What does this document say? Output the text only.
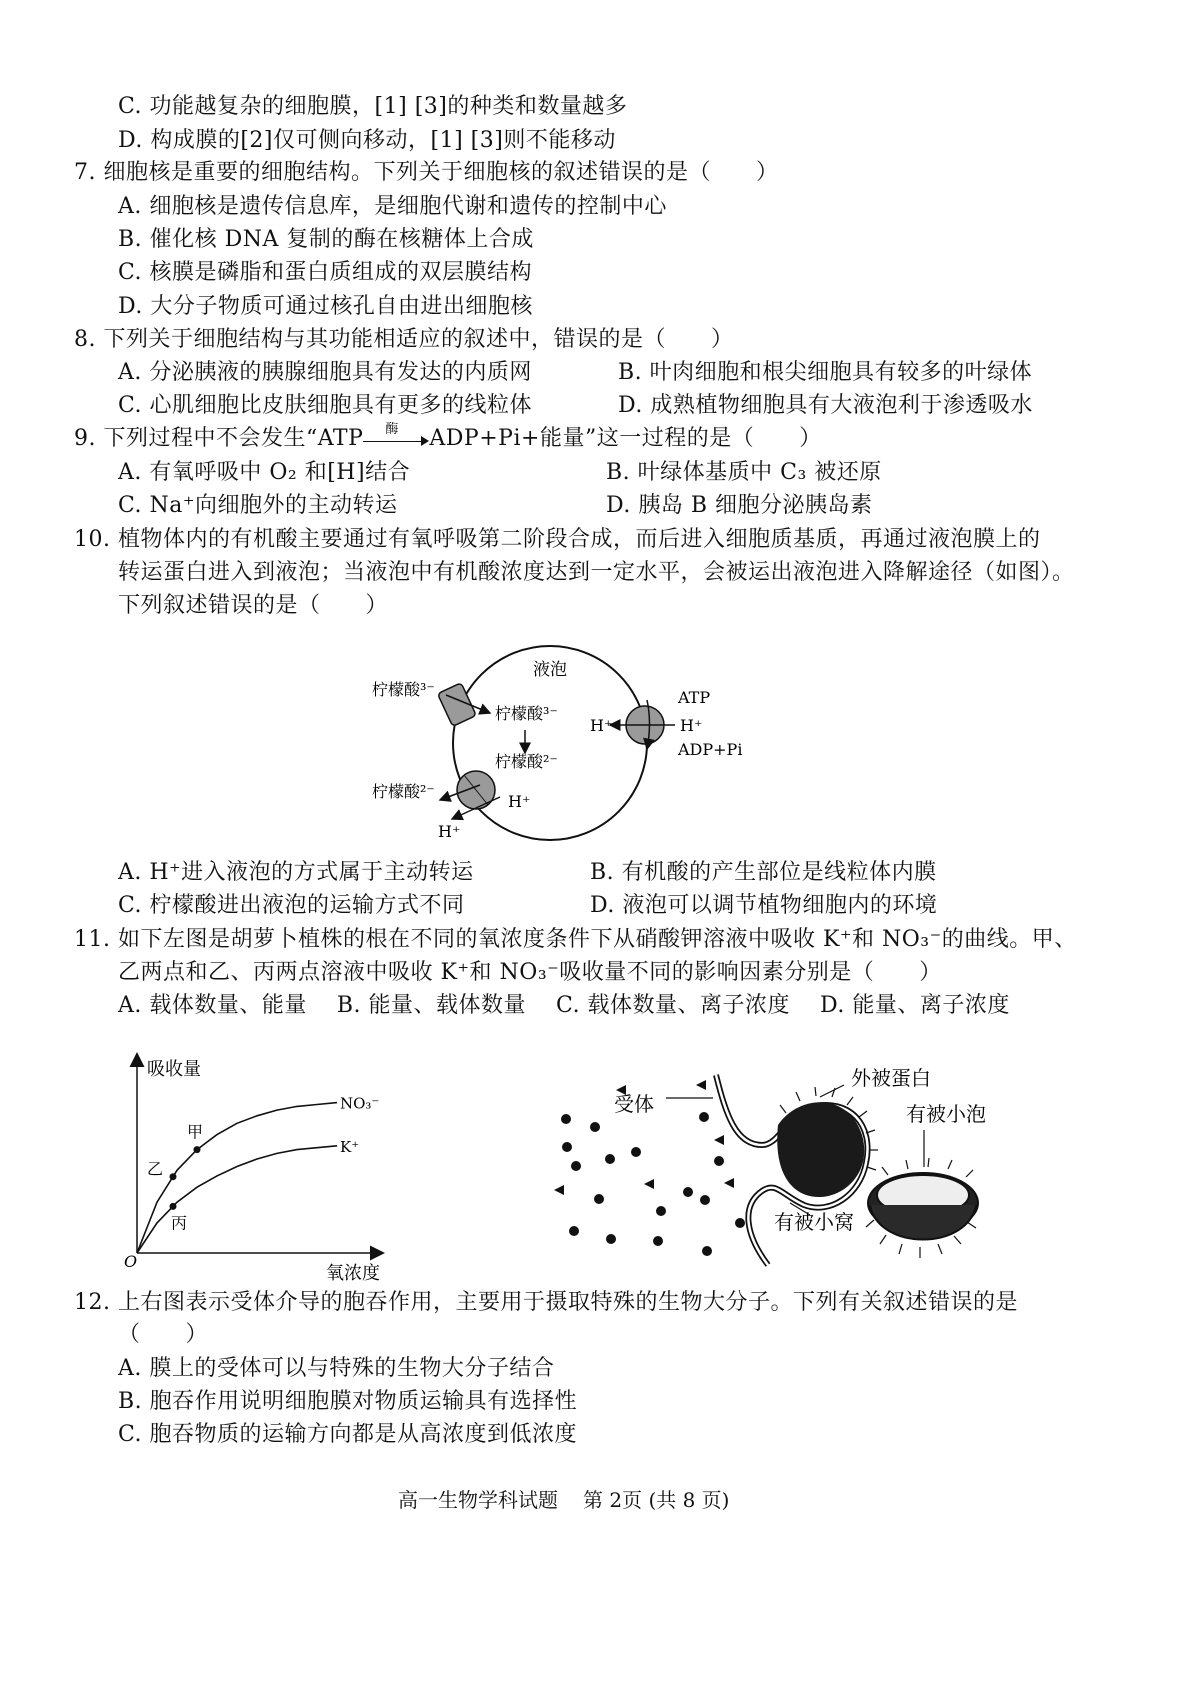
C. 功能越复杂的细胞膜，[1] [3]的种类和数量越多
D. 构成膜的[2]仅可侧向移动，[1] [3]则不能移动
7. 细胞核是重要的细胞结构。下列关于细胞核的叙述错误的是（　　）
A. 细胞核是遗传信息库，是细胞代谢和遗传的控制中心
B. 催化核 DNA 复制的酶在核糖体上合成
C. 核膜是磷脂和蛋白质组成的双层膜结构
D. 大分子物质可通过核孔自由进出细胞核
8. 下列关于细胞结构与其功能相适应的叙述中，错误的是（　　）
A. 分泌胰液的胰腺细胞具有发达的内质网	B. 叶肉细胞和根尖细胞具有较多的叶绿体
C. 心肌细胞比皮肤细胞具有更多的线粒体	D. 成熟植物细胞具有大液泡利于渗透吸水
9. 下列过程中不会发生“ATP 酶 ADP+Pi+能量”这一过程的是（　　）
A. 有氧呼吸中 O₂ 和[H]结合	B. 叶绿体基质中 C₃ 被还原
C. Na⁺向细胞外的主动转运	D. 胰岛 B 细胞分泌胰岛素
10. 植物体内的有机酸主要通过有氧呼吸第二阶段合成，而后进入细胞质基质，再通过液泡膜上的
转运蛋白进入到液泡；当液泡中有机酸浓度达到一定水平，会被运出液泡进入降解途径（如图）。
下列叙述错误的是（　　）
液泡
柠檬酸³⁻
柠檬酸³⁻
柠檬酸²⁻
柠檬酸²⁻
ATP
ADP+Pi
H⁺	H⁺
H⁺
H⁺
A. H⁺进入液泡的方式属于主动转运	B. 有机酸的产生部位是线粒体内膜
C. 柠檬酸进出液泡的运输方式不同	D. 液泡可以调节植物细胞内的环境
11. 如下左图是胡萝卜植株的根在不同的氧浓度条件下从硝酸钾溶液中吸收 K⁺和 NO₃⁻的曲线。甲、
乙两点和乙、丙两点溶液中吸收 K⁺和 NO₃⁻吸收量不同的影响因素分别是（　　）
A. 载体数量、能量　 B. 能量、载体数量　 C. 载体数量、离子浓度　 D. 能量、离子浓度
NO₃⁻
K⁺
甲
乙
丙
吸收量
氧浓度
O
受体
外被蛋白
有被小泡
有被小窝
12. 上右图表示受体介导的胞吞作用，主要用于摄取特殊的生物大分子。下列有关叙述错误的是
（　　）
A. 膜上的受体可以与特殊的生物大分子结合
B. 胞吞作用说明细胞膜对物质运输具有选择性
C. 胞吞物质的运输方向都是从高浓度到低浓度
高一生物学科试题 第 2页 (共 8 页)
